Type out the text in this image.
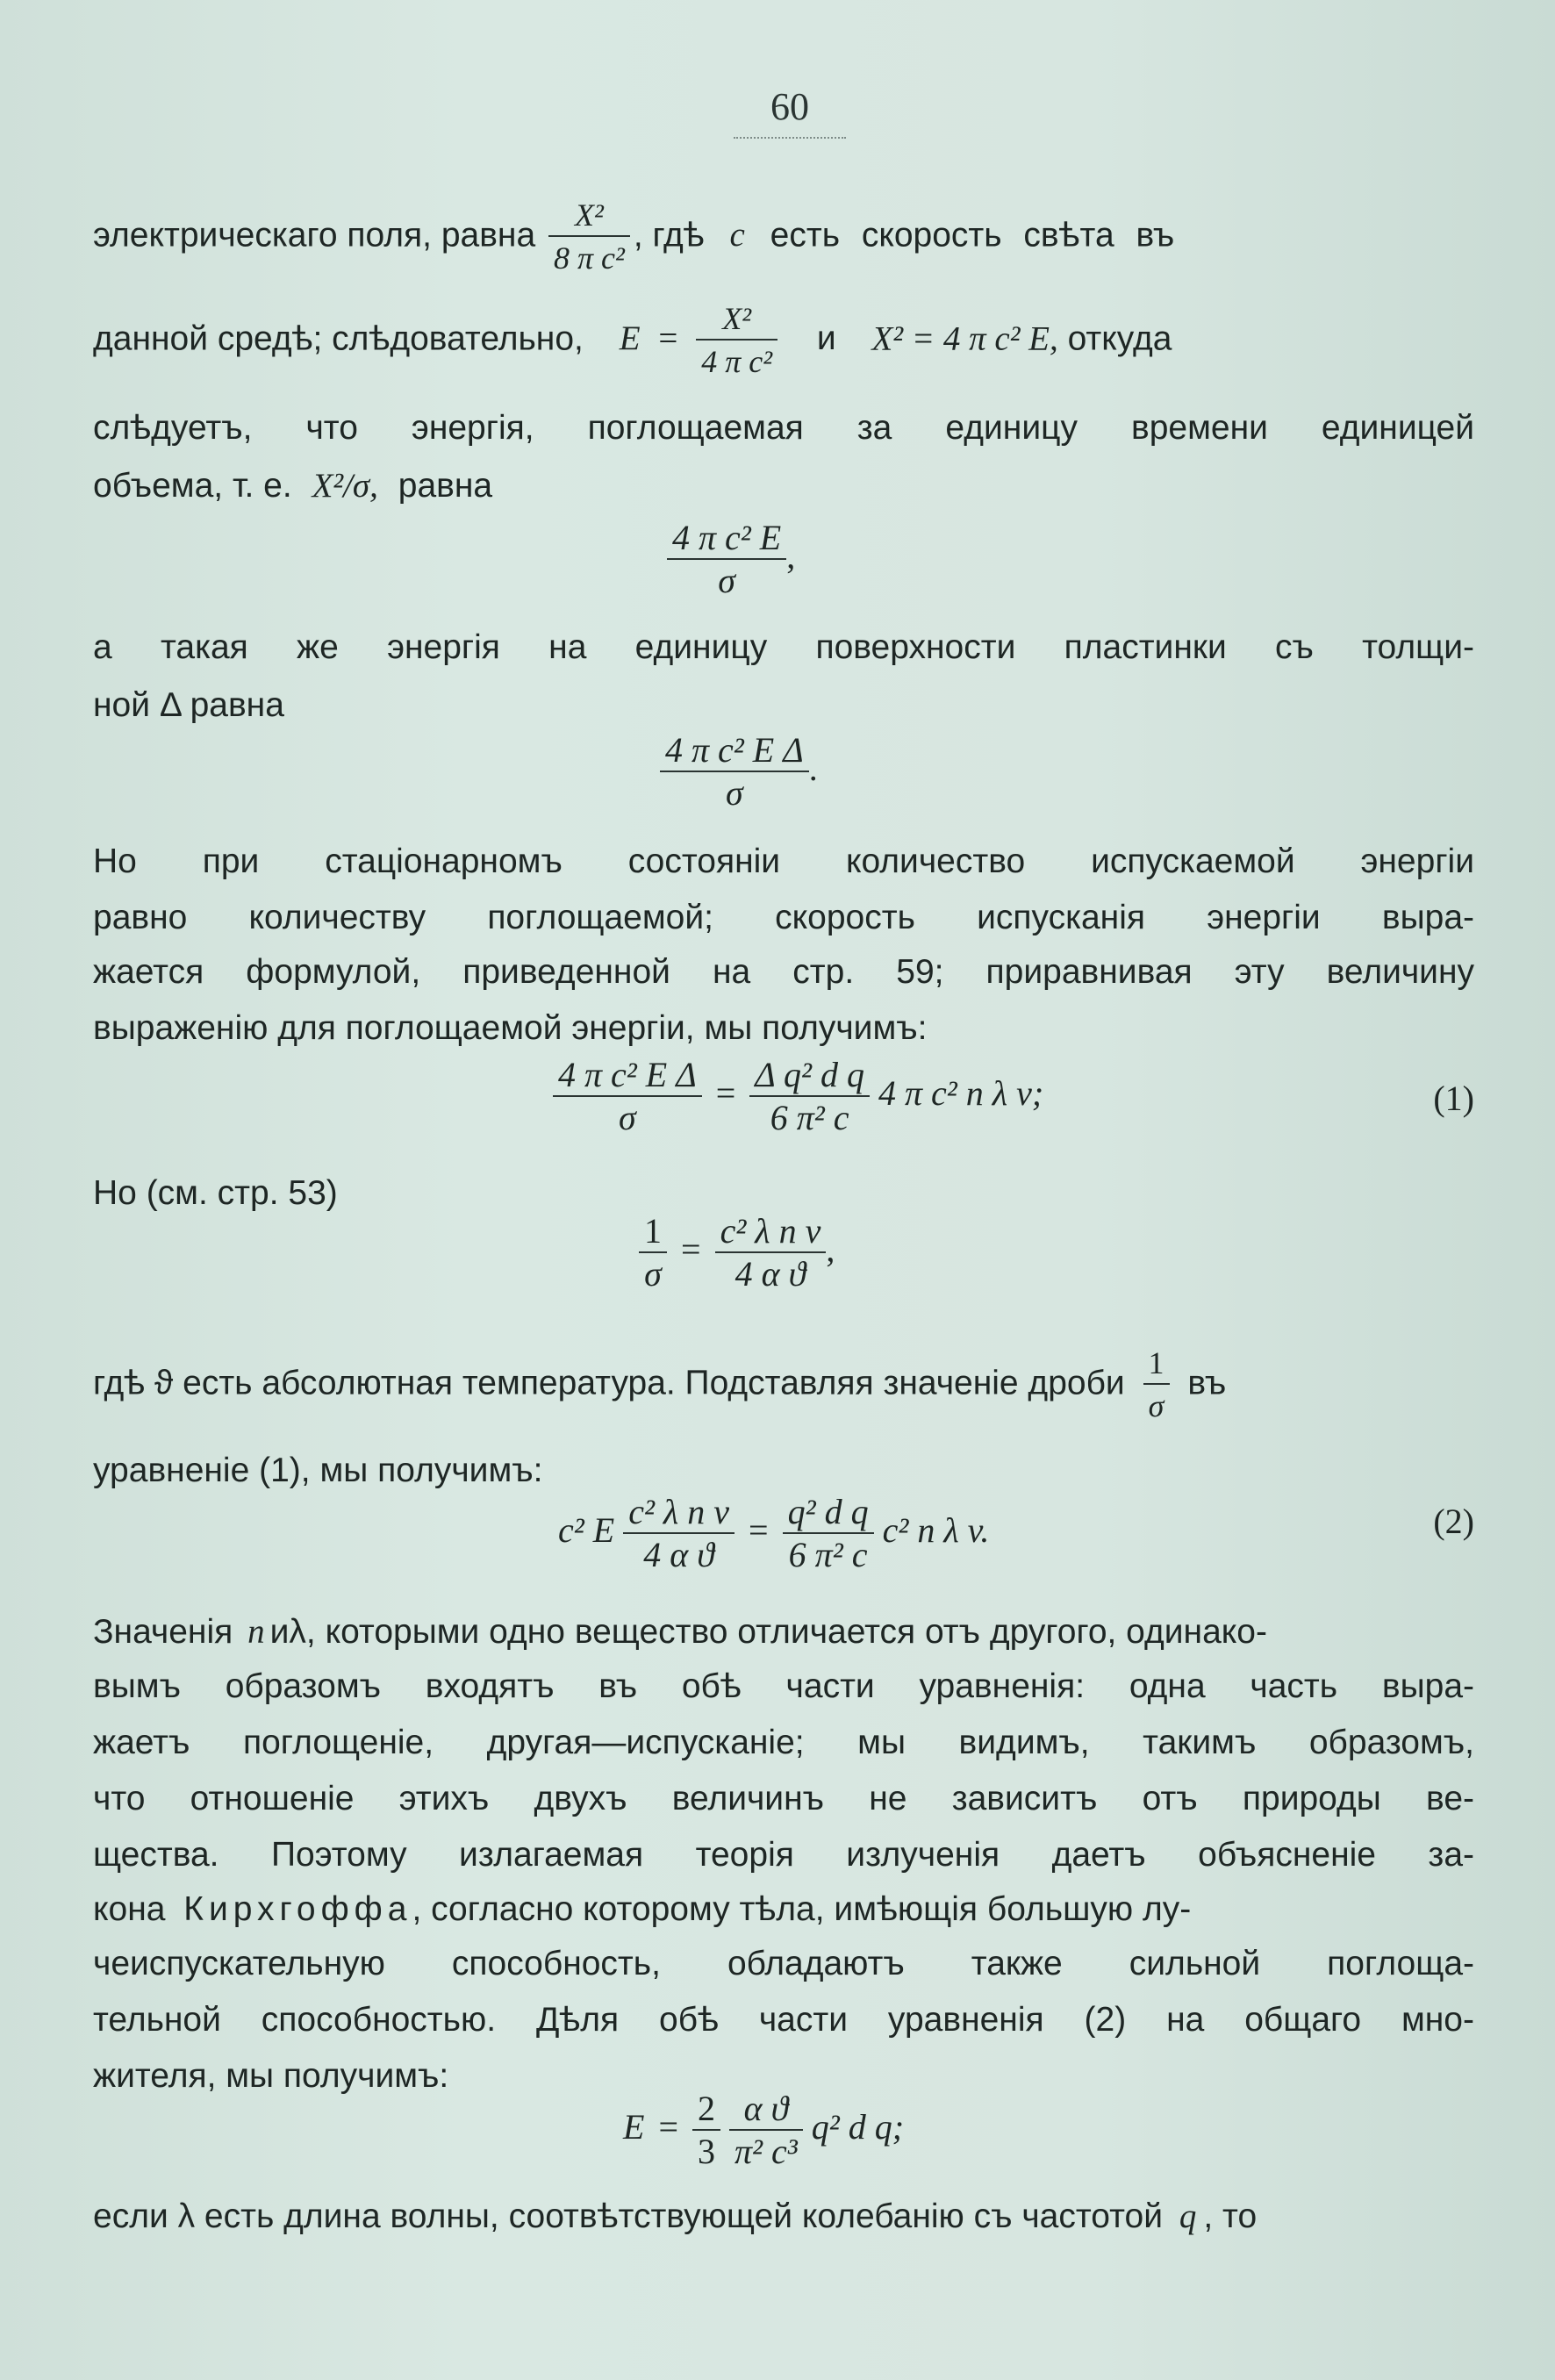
60
электрическаго поля, равна $\frac{\text{X²}}{\text{8 π c²}}$ , гдѣ c есть скорость свѣта въ
данной средѣ; слѣдовательно, $E = \frac{\text{X²}}{\text{4 π c²}}$ и X² = 4 π c² E, откуда
слѣдуетъ, что энергія, поглощаемая за единицу времени единицей
объема, т. е. X²/σ, равна
$\frac{\text{4 π c² E}}{\sigma}$ ,
а такая же энергія на единицу поверхности пластинки съ толщи-
ной Δ равна
$\frac{\text{4 π c² E Δ}}{\sigma}$ .
Но при стаціонарномъ состояніи количество испускаемой энергіи
равно количеству поглощаемой; скорость испусканія энергіи выра-
жается формулой, приведенной на стр. 59; приравнивая эту величину
выраженію для поглощаемой энергіи, мы получимъ:
$\frac{\text{4 π c² E Δ}}{\sigma} = \frac{\text{Δ q² d q}}{\text{6 π² c}} 4$ π c² n λ v;	(1)
Но (см. стр. 53)
$\frac{1}{\sigma} = \frac{\text{c² λ n v}}{\text{4 α ϑ}}$ ,
гдѣ ϑ есть абсолютная температура. Подставляя значеніе дроби $\frac{1}{\sigma}$ въ
уравненіе (1), мы получимъ:
c² E $\frac{\text{c² λ n v}}{\text{4 α ϑ}} = \frac{\text{q² d q}}{\text{6 π² c}} c^2$ n λ v.	(2)
Значенія n иλ, которыми одно вещество отличается отъ другого, одинако-
вымъ образомъ входятъ въ обѣ части уравненія: одна часть выра-
жаетъ поглощеніе, другая—испусканіе; мы видимъ, такимъ образомъ,
что отношеніе этихъ двухъ величинъ не зависитъ отъ природы ве-
щества. Поэтому излагаемая теорія излученія даетъ объясненіе за-
кона Кирхгоффа, согласно которому тѣла, имѣющія большую лу-
чеиспускательную способность, обладаютъ также сильной поглоща-
тельной способностью. Дѣля обѣ части уравненія (2) на общаго мно-
жителя, мы получимъ:
$E = \frac{2}{3}$
$\frac{\text{α ϑ}}{\text{π² c³}} q^2$ d q;
если λ есть длина волны, соотвѣтствующей колебанію съ частотой q , то
